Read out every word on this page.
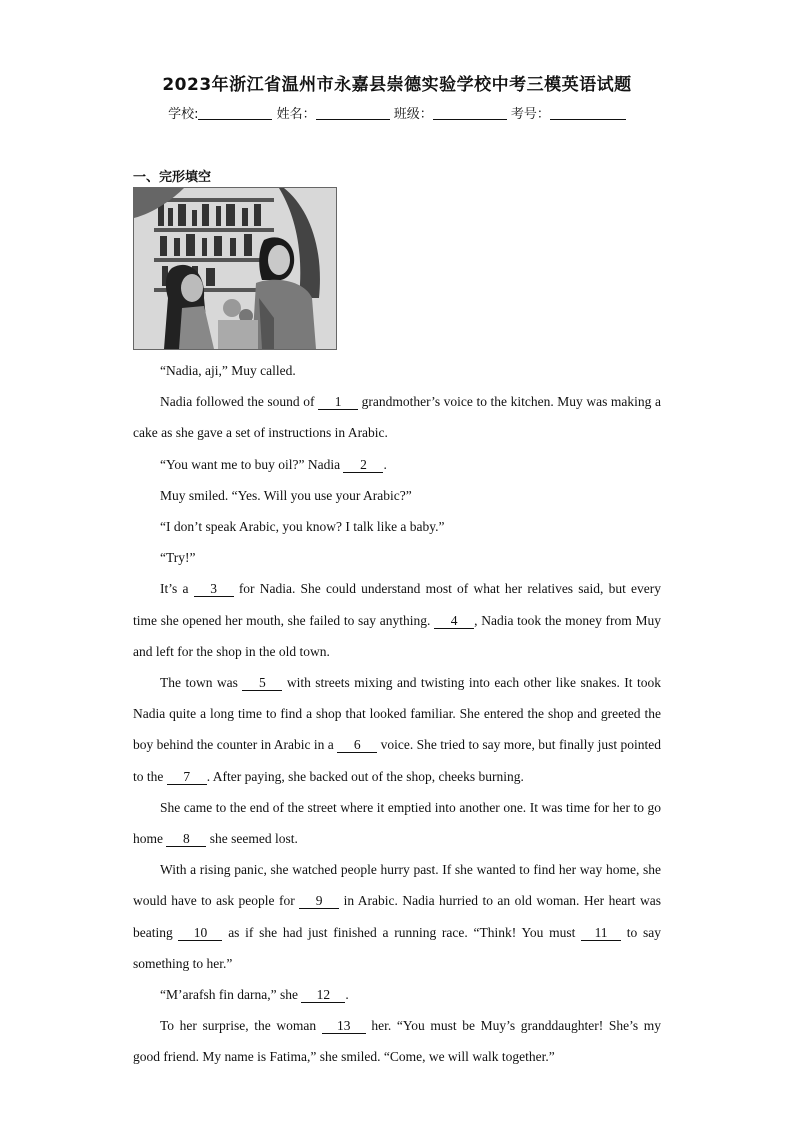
2023年浙江省温州市永嘉县崇德实验学校中考三模英语试题
学校:	姓名：	班级：	考号：
一、完形填空

“Nadia, aji,” Muy called.

Nadia followed the sound of 1 grandmother’s voice to the kitchen. Muy was making a cake as she gave a set of instructions in Arabic.

“You want me to buy oil?” Nadia 2 .

Muy smiled. “Yes. Will you use your Arabic?”

“I don’t speak Arabic, you know? I talk like a baby.”

“Try!”

It’s a 3 for Nadia. She could understand most of what her relatives said, but every time she opened her mouth, she failed to say anything. 4 , Nadia took the money from Muy and left for the shop in the old town.

The town was 5 with streets mixing and twisting into each other like snakes. It took Nadia quite a long time to find a shop that looked familiar. She entered the shop and greeted the boy behind the counter in Arabic in a 6 voice. She tried to say more, but finally just pointed to the 7 . After paying, she backed out of the shop, cheeks burning.

She came to the end of the street where it emptied into another one. It was time for her to go home 8 she seemed lost.

With a rising panic, she watched people hurry past. If she wanted to find her way home, she would have to ask people for 9 in Arabic. Nadia hurried to an old woman. Her heart was beating 10 as if she had just finished a running race. “Think! You must 11 to say something to her.”

“M’arafsh fin darna,” she 12 .

To her surprise, the woman 13 her. “You must be Muy’s granddaughter! She’s my good friend. My name is Fatima,” she smiled. “Come, we will walk together.”
